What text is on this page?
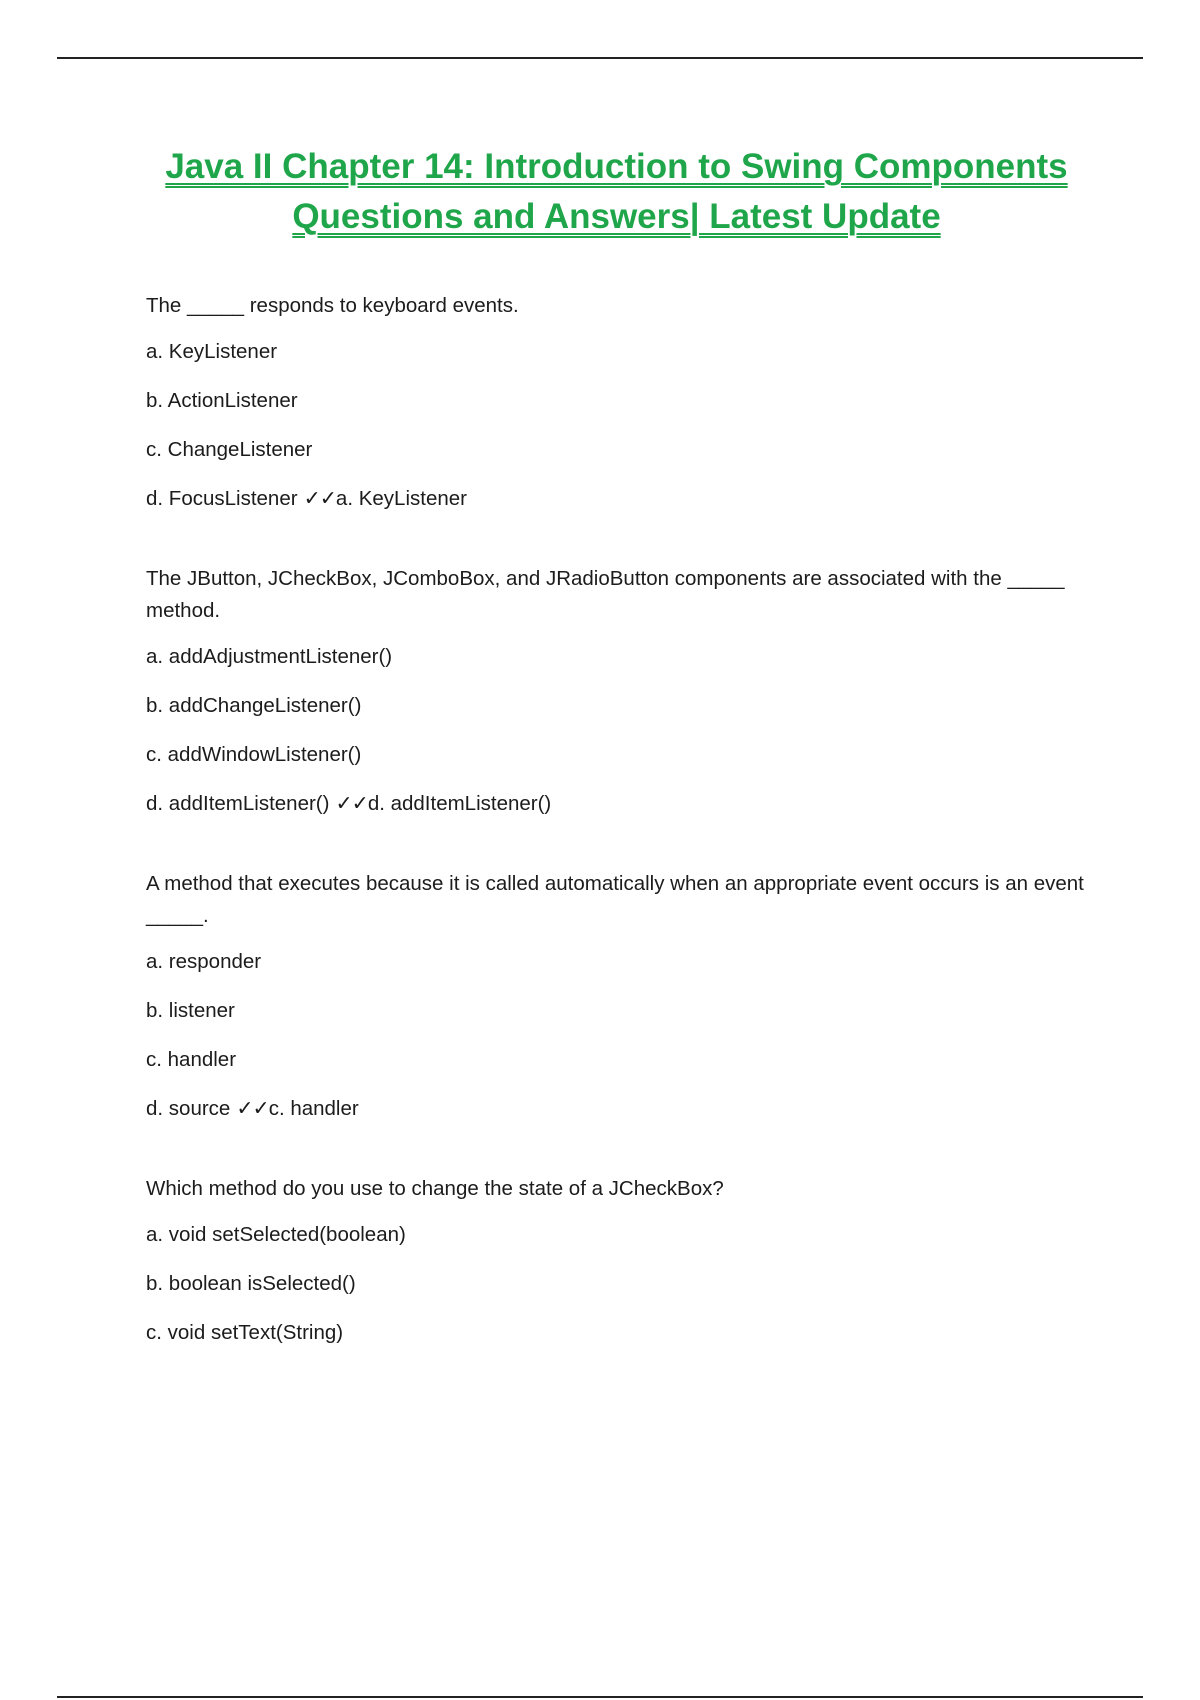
Java II Chapter 14: Introduction to Swing Components
Questions and Answers| Latest Update

The _____ responds to keyboard events.

a. KeyListener

b. ActionListener

c. ChangeListener

d. FocusListener ✓✓a. KeyListener

The JButton, JCheckBox, JComboBox, and JRadioButton components are associated with the _____ method.

a. addAdjustmentListener()

b. addChangeListener()

c. addWindowListener()

d. addItemListener() ✓✓d. addItemListener()

A method that executes because it is called automatically when an appropriate event occurs is an event _____.

a. responder

b. listener

c. handler

d. source ✓✓c. handler

Which method do you use to change the state of a JCheckBox?

a. void setSelected(boolean)

b. boolean isSelected()

c. void setText(String)
